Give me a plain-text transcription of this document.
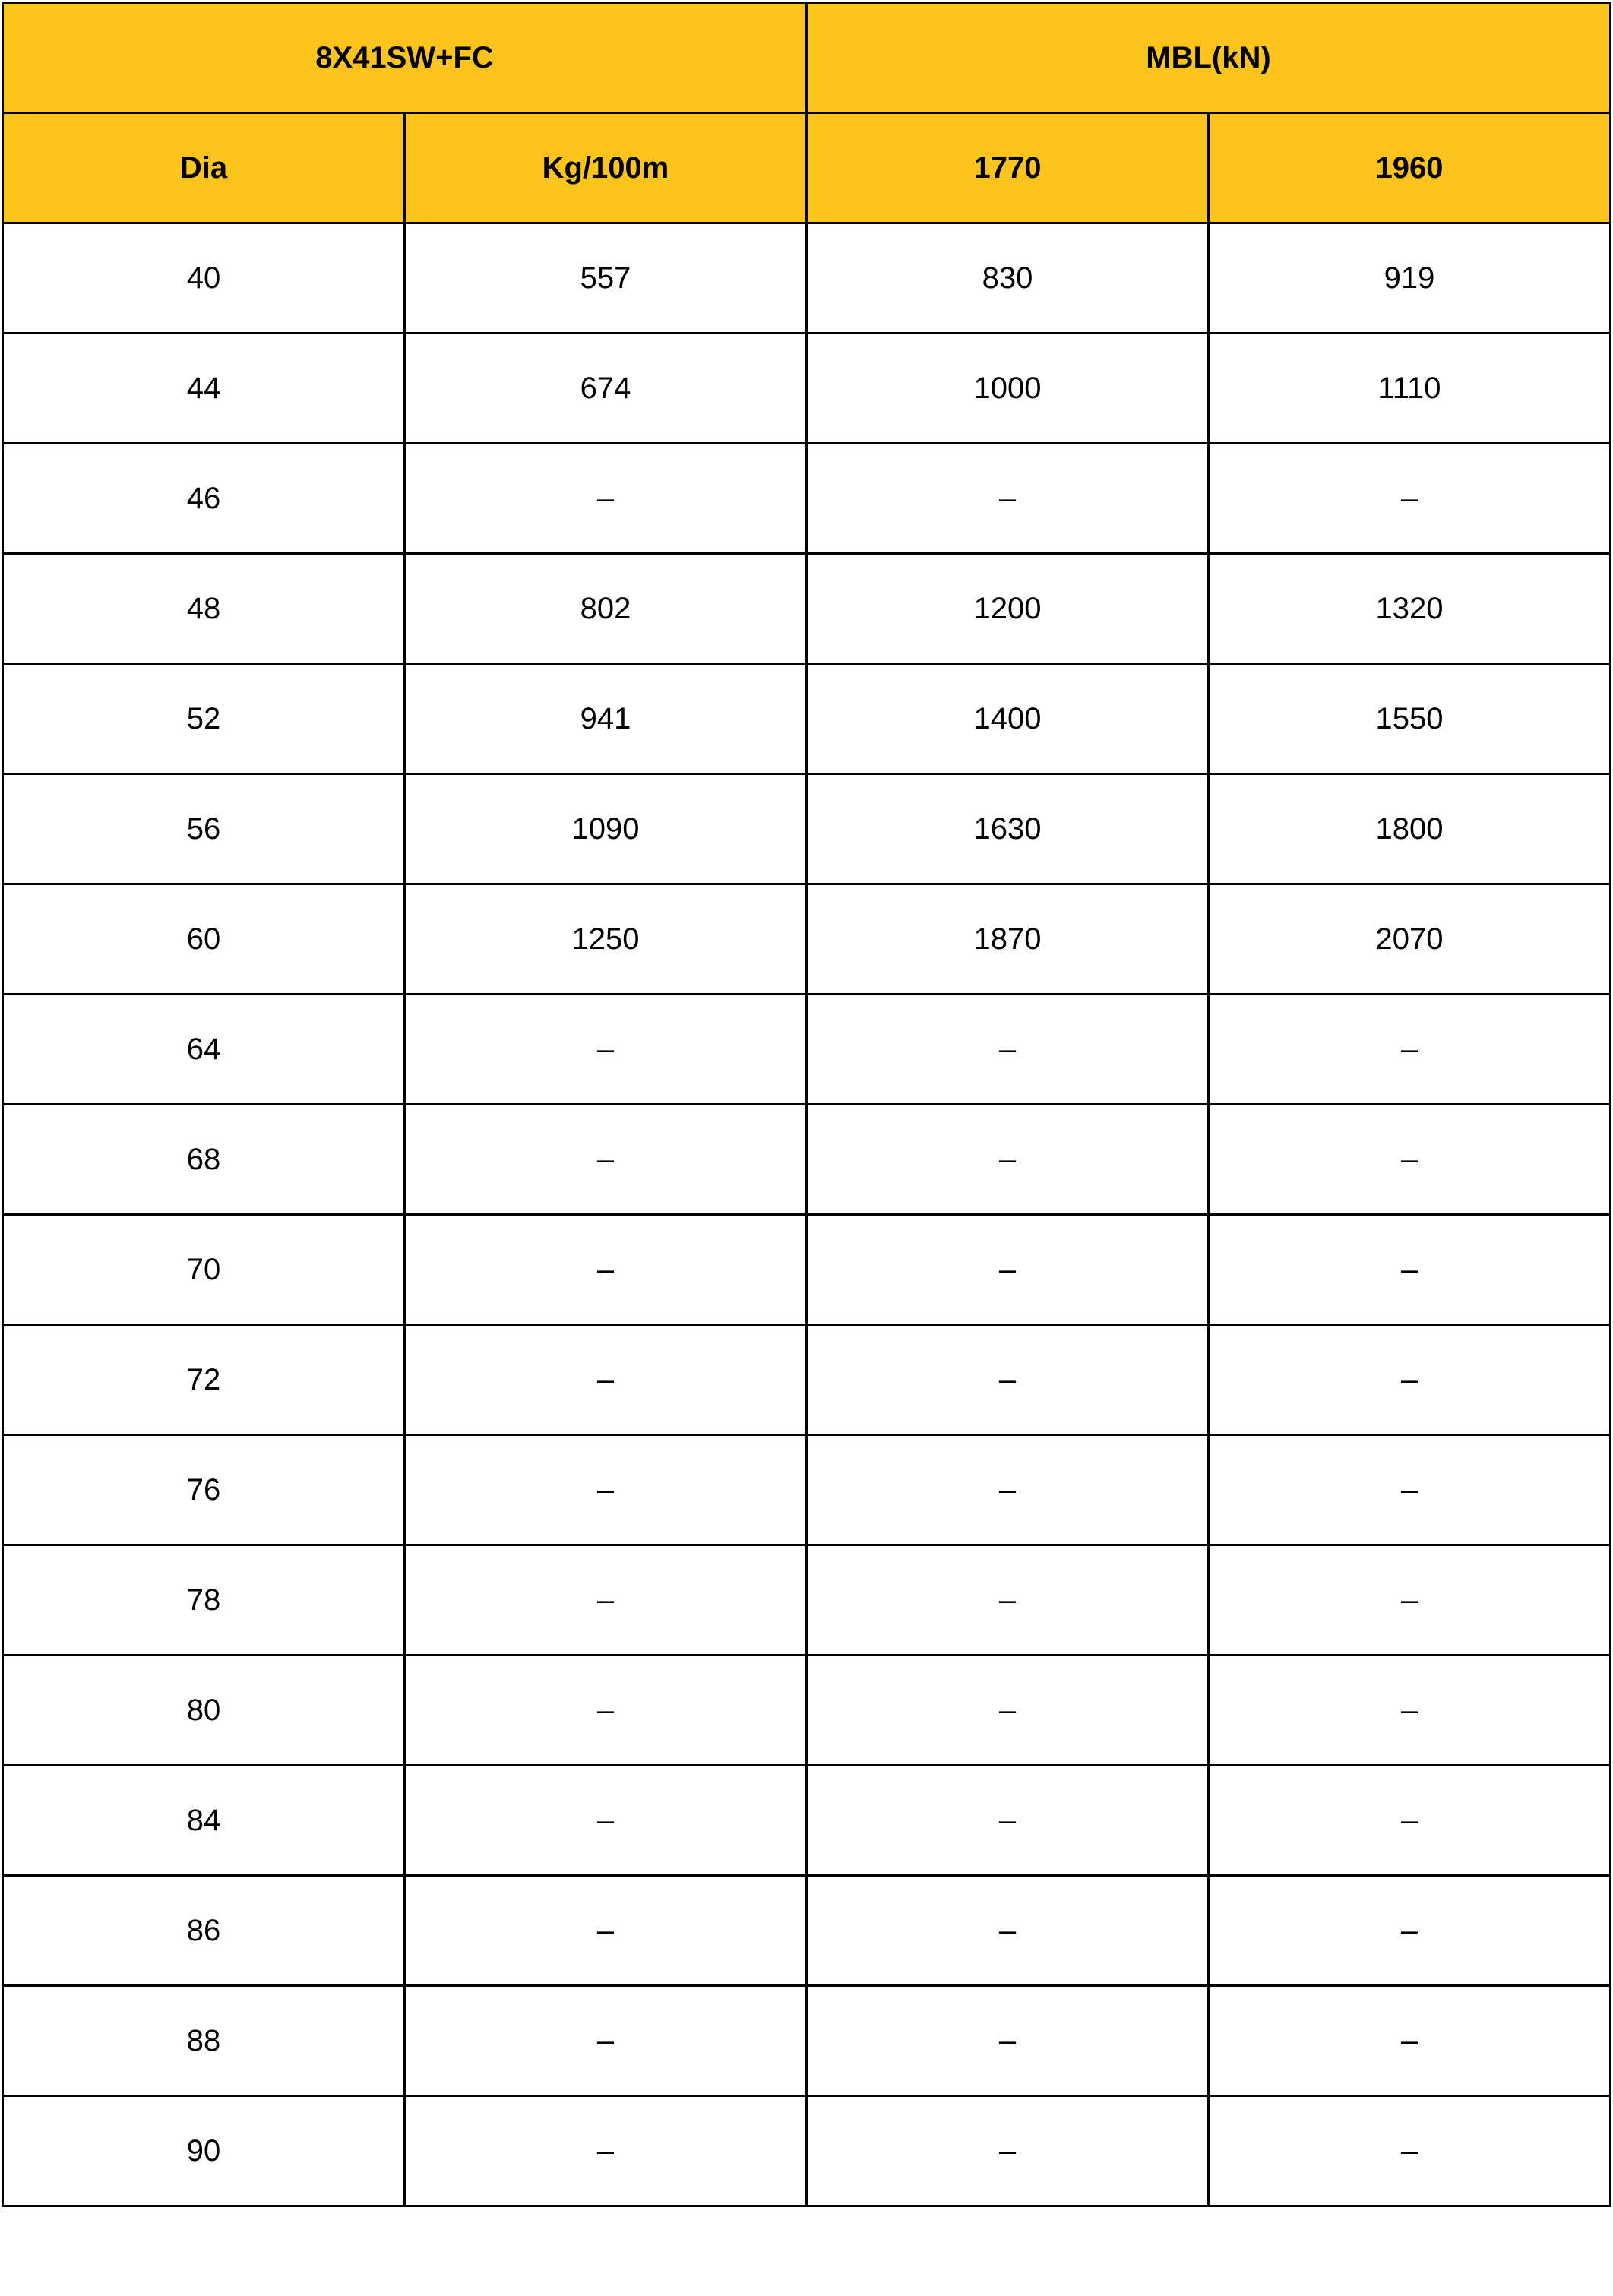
8X41SW+FC		MBL(kN)	
Dia	Kg/100m	1770	1960
40	557	830	919
44	674	1000	1110
46	–	–	–
48	802	1200	1320
52	941	1400	1550
56	1090	1630	1800
60	1250	1870	2070
64	–	–	–
68	–	–	–
70	–	–	–
72	–	–	–
76	–	–	–
78	–	–	–
80	–	–	–
84	–	–	–
86	–	–	–
88	–	–	–
90	–	–	–
